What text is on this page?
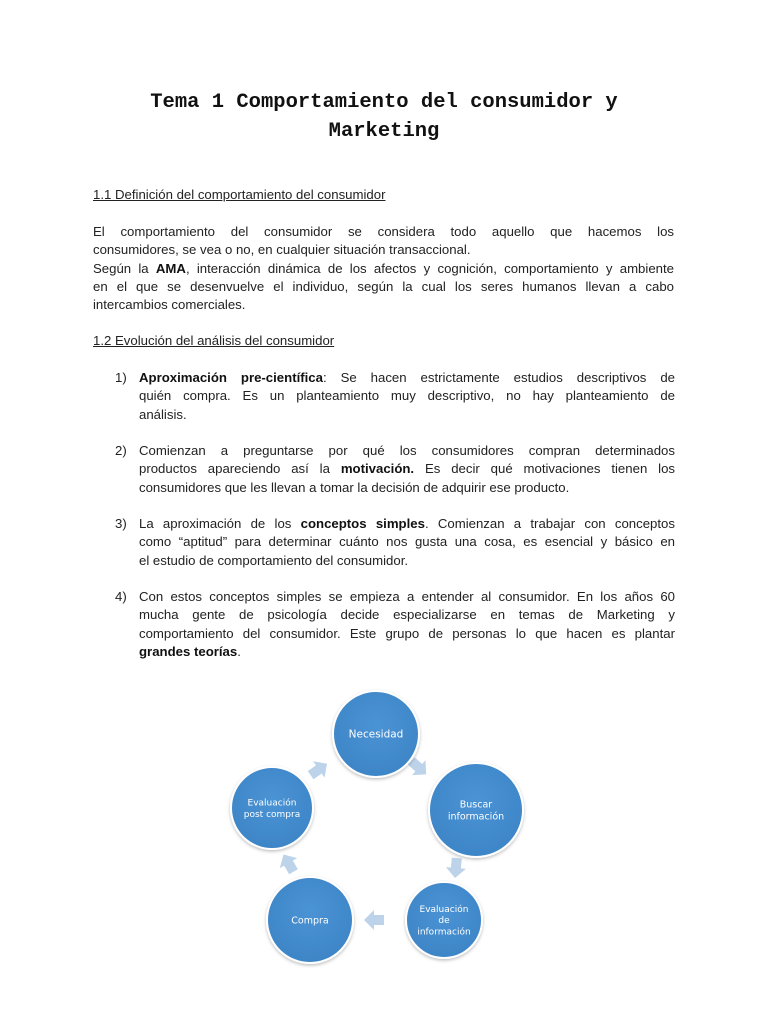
Tema 1 Comportamiento del consumidor y
Marketing
1.1 Definición del comportamiento del consumidor
El comportamiento del consumidor se considera todo aquello que hacemos los
consumidores, se vea o no, en cualquier situación transaccional.
Según la AMA, interacción dinámica de los afectos y cognición, comportamiento y ambiente
en el que se desenvuelve el individuo, según la cual los seres humanos llevan a cabo
intercambios comerciales.
1.2 Evolución del análisis del consumidor
1) Aproximación pre-científica: Se hacen estrictamente estudios descriptivos de
quién compra. Es un planteamiento muy descriptivo, no hay planteamiento de
análisis.
2) Comienzan a preguntarse por qué los consumidores compran determinados
productos apareciendo así la motivación. Es decir qué motivaciones tienen los
consumidores que les llevan a tomar la decisión de adquirir ese producto.
3) La aproximación de los conceptos simples. Comienzan a trabajar con conceptos
como “aptitud” para determinar cuánto nos gusta una cosa, es esencial y básico en
el estudio de comportamiento del consumidor.
4) Con estos conceptos simples se empieza a entender al consumidor. En los años 60
mucha gente de psicología decide especializarse en temas de Marketing y
comportamiento del consumidor. Este grupo de personas lo que hacen es plantar
grandes teorías.
Necesidad
Buscar
información
Evaluación
de
información
Compra
Evaluación
post compra
